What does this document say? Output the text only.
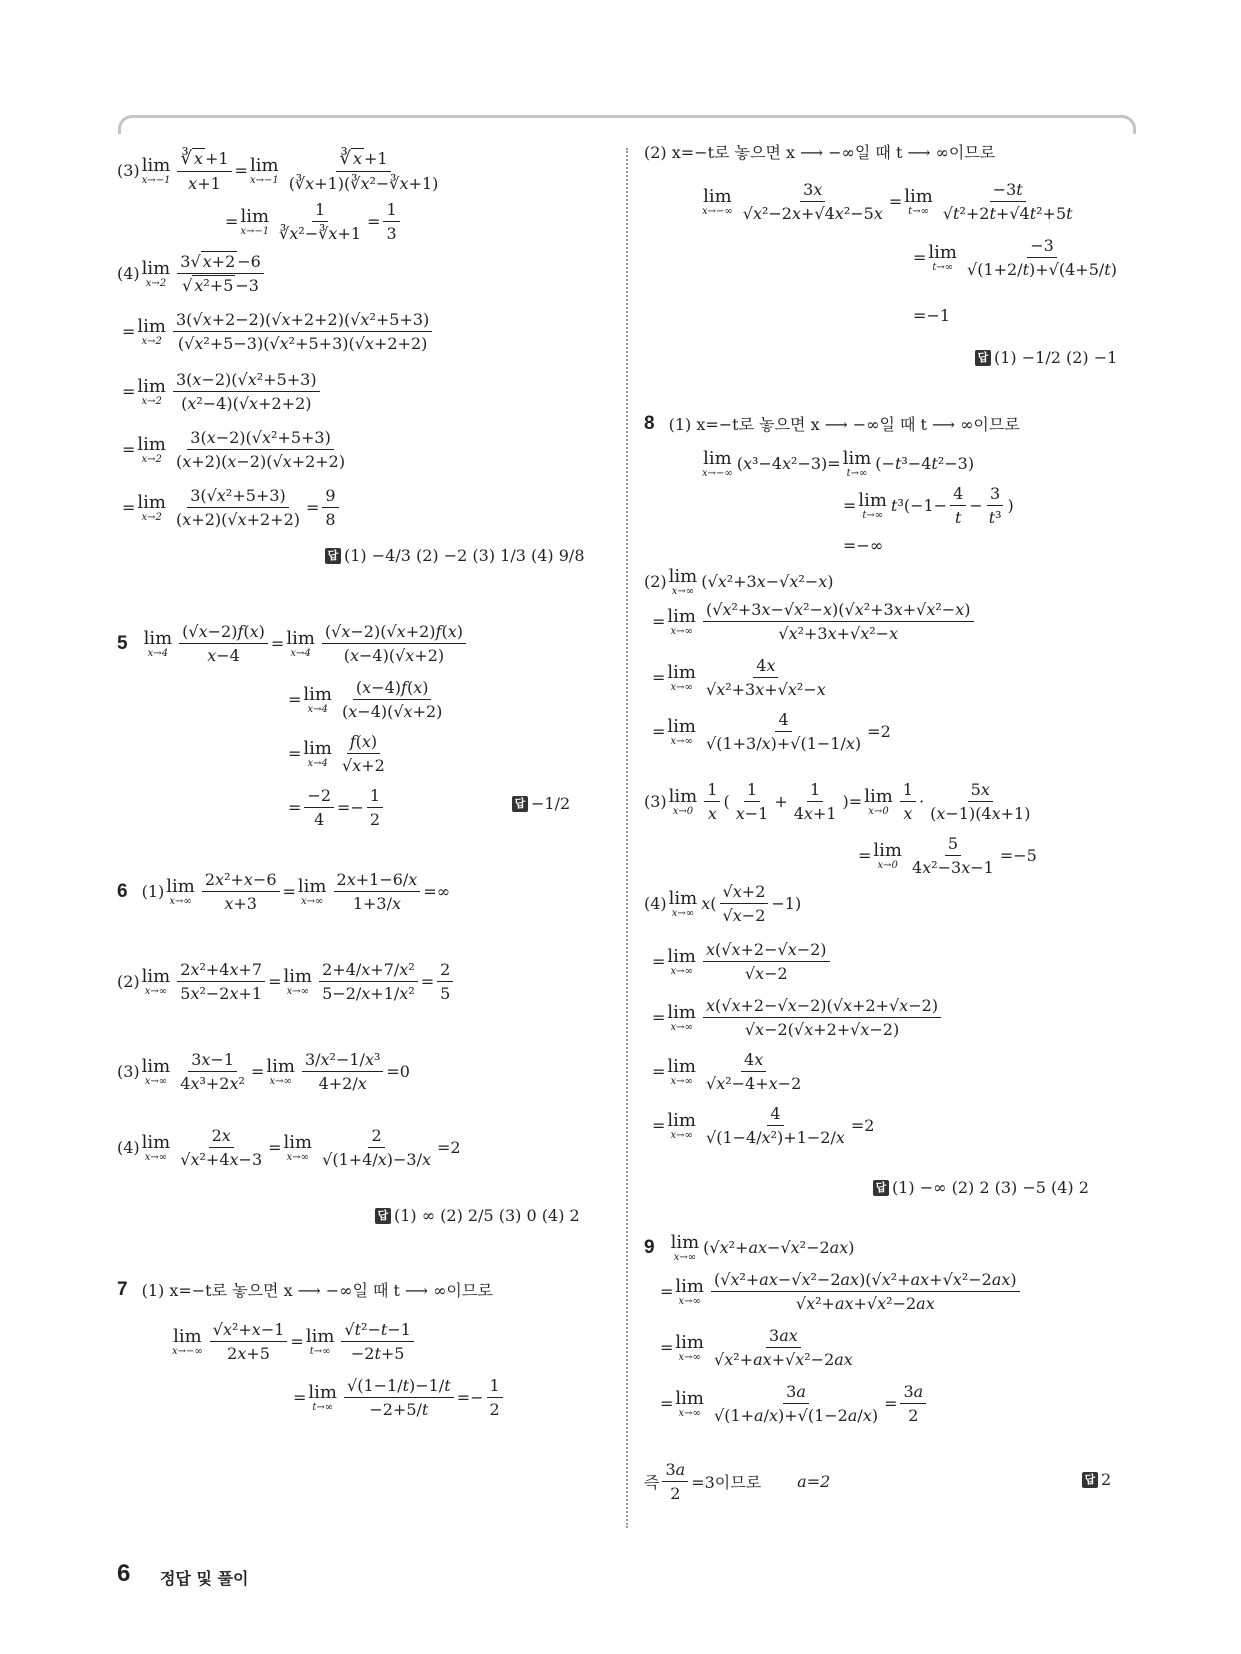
(3) lim
$x\to-1 \frac{∛ x +1}{x+1} = \lim$
$x\to-1 \frac{∛ x +1}{\text{(∛x+1)(∛x²−∛x+1)}}$
= lim
$x\to-1 \frac{1}{\text{∛x²−∛x+1}} = \frac{1}{3}$
(4) lim
$x\to 2 \frac{3√ x+2 -6}{\text{√ x²+5 −3}}$
= lim
$x\to 2 \frac{\text{3(√x+2−2)(√x+2+2)(√x²+5+3)}}{\text{(√x²+5−3)(√x²+5+3)(√x+2+2)}}$
= lim
$x\to 2 \frac{\text{3(x−2)(√x²+5+3)}}{\text{(x²−4)(√x+2+2)}}$
= lim
$x\to 2 \frac{\text{3(x−2)(√x²+5+3)}}{(x+2)(x-2)(√x+2+2)}$
= lim
$x\to 2 \frac{\text{3(√x²+5+3)}}{(x+2)(√x+2+2)} = \frac{9}{8}$
답 (1) −4/3 (2) −2 (3) 1/3 (4) 9/8
5 lim
$x\to 4 \frac{(√x-2)f(x)}{x-4} = \lim$
$x\to 4 \frac{(√x-2)(√x+2)f(x)}{(x-4)(√x+2)}$
= lim
$x\to 4 \frac{(x-4)f(x)}{(x-4)(√x+2)}$
= lim
$x\to 4 \frac{f(x)}{√x+2}$
= $\frac{-2}{4} =- \frac{1}{2}$	답 −1/2
6 (1) lim
$x\to\infty \frac{\text{2x²+x−6}}{x+3} = \lim$
$x\to\infty \frac{2x+1-6/x}{1+3/x}$ =∞
(2) lim
$x\to\infty \frac{\text{2x²+4x+7}}{\text{5x²−2x+1}} = \lim$
$x\to\infty \frac{\text{2+4/x+7/x²}}{\text{5−2/x+1/x²}} = \frac{2}{5}$
(3) lim
$x\to\infty \frac{3x-1}{\text{4x³+2x²}} = \lim$
$x\to\infty \frac{\text{3/x²−1/x³}}{4+2/x} =0$
(4) lim
$x\to\infty \frac{2x}{\text{√x²+4x−3}} = \lim$
$x\to\infty \frac{2}{√(1+4/x)-3/x} =2$
답 (1) ∞ (2) 2/5 (3) 0 (4) 2
7 (1) x=−t로 놓으면 x ⟶ −∞일 때 t ⟶ ∞이므로
lim
$x\to-\infty \frac{\text{√x²+x−1}}{2x+5} = \lim$
$t\to\infty \frac{\text{√t²−t−1}}{-2t+5}$
= lim
$t\to\infty \frac{√(1-1/t)-1/t}{-2+5/t} =- \frac{1}{2}$
(2) x=−t로 놓으면 x ⟶ −∞일 때 t ⟶ ∞이므로
lim
$x\to-\infty \frac{3x}{\text{√x²−2x+√4x²−5x}} = \lim$
$t\to\infty \frac{-3t}{\text{√t²+2t+√4t²+5t}}$
= lim
$t\to\infty \frac{-3}{√(1+2/t)+√(4+5/t)}$
=−1
답 (1) −1/2 (2) −1
8 (1) x=−t로 놓으면 x ⟶ −∞일 때 t ⟶ ∞이므로
lim
x→−∞
(x³−4x²−3)= lim
t→∞
(−t³−4t²−3)
= lim
t→∞
$t^3(-1- \frac{4}{t} - \frac{3}{\text{t³}}$ )
=−∞
(2) lim
x→∞
(√x²+3x−√x²−x)
= lim
$x\to\infty \frac{\text{(√x²+3x−√x²−x)(√x²+3x+√x²−x)}}{\text{√x²+3x+√x²−x}}$
= lim
$x\to\infty \frac{4x}{\text{√x²+3x+√x²−x}}$
= lim
$x\to\infty \frac{4}{√(1+3/x)+√(1-1/x)} =2$
(3) lim
$x\to 0 \frac{1}{x}$ ( $\frac{1}{x-1} + \frac{1}{4x+1}$ )= lim
$x\to 0 \frac{1}{x} \cdot \frac{5x}{(x-1)(4x+1)}$
= lim
$x\to 0 \frac{5}{\text{4x²−3x−1}} =-5$
(4) lim
x→∞
x ( $\frac{√x+2}{√x-2} -1$)
= lim
$x\to\infty \frac{x(√x+2-√x-2)}{√x-2}$
= lim
$x\to\infty \frac{x(√x+2-√x-2)(√x+2+√x-2)}{√x-2(√x+2+√x-2)}$
= lim
$x\to\infty \frac{4x}{\text{√x²−4+x−2}}$
= lim
$x\to\infty \frac{4}{\text{√(1−4/x²)+1−2/x}} =2$
답 (1) −∞ (2) 2 (3) −5 (4) 2
9 lim
x→∞
(√x²+ax−√x²−2ax)
= lim
$x\to\infty \frac{\text{(√x²+ax−√x²−2ax)(√x²+ax+√x²−2ax)}}{\text{√x²+ax+√x²−2ax}}$
= lim
$x\to\infty \frac{3ax}{\text{√x²+ax+√x²−2ax}}$
= lim
$x\to\infty \frac{3a}{√(1+a/x)+√(1-2a/x)} = \frac{3a}{2}$
즉 $\frac{3a}{2} =3$이므로 a=2	답 2
6 정답 및 풀이
